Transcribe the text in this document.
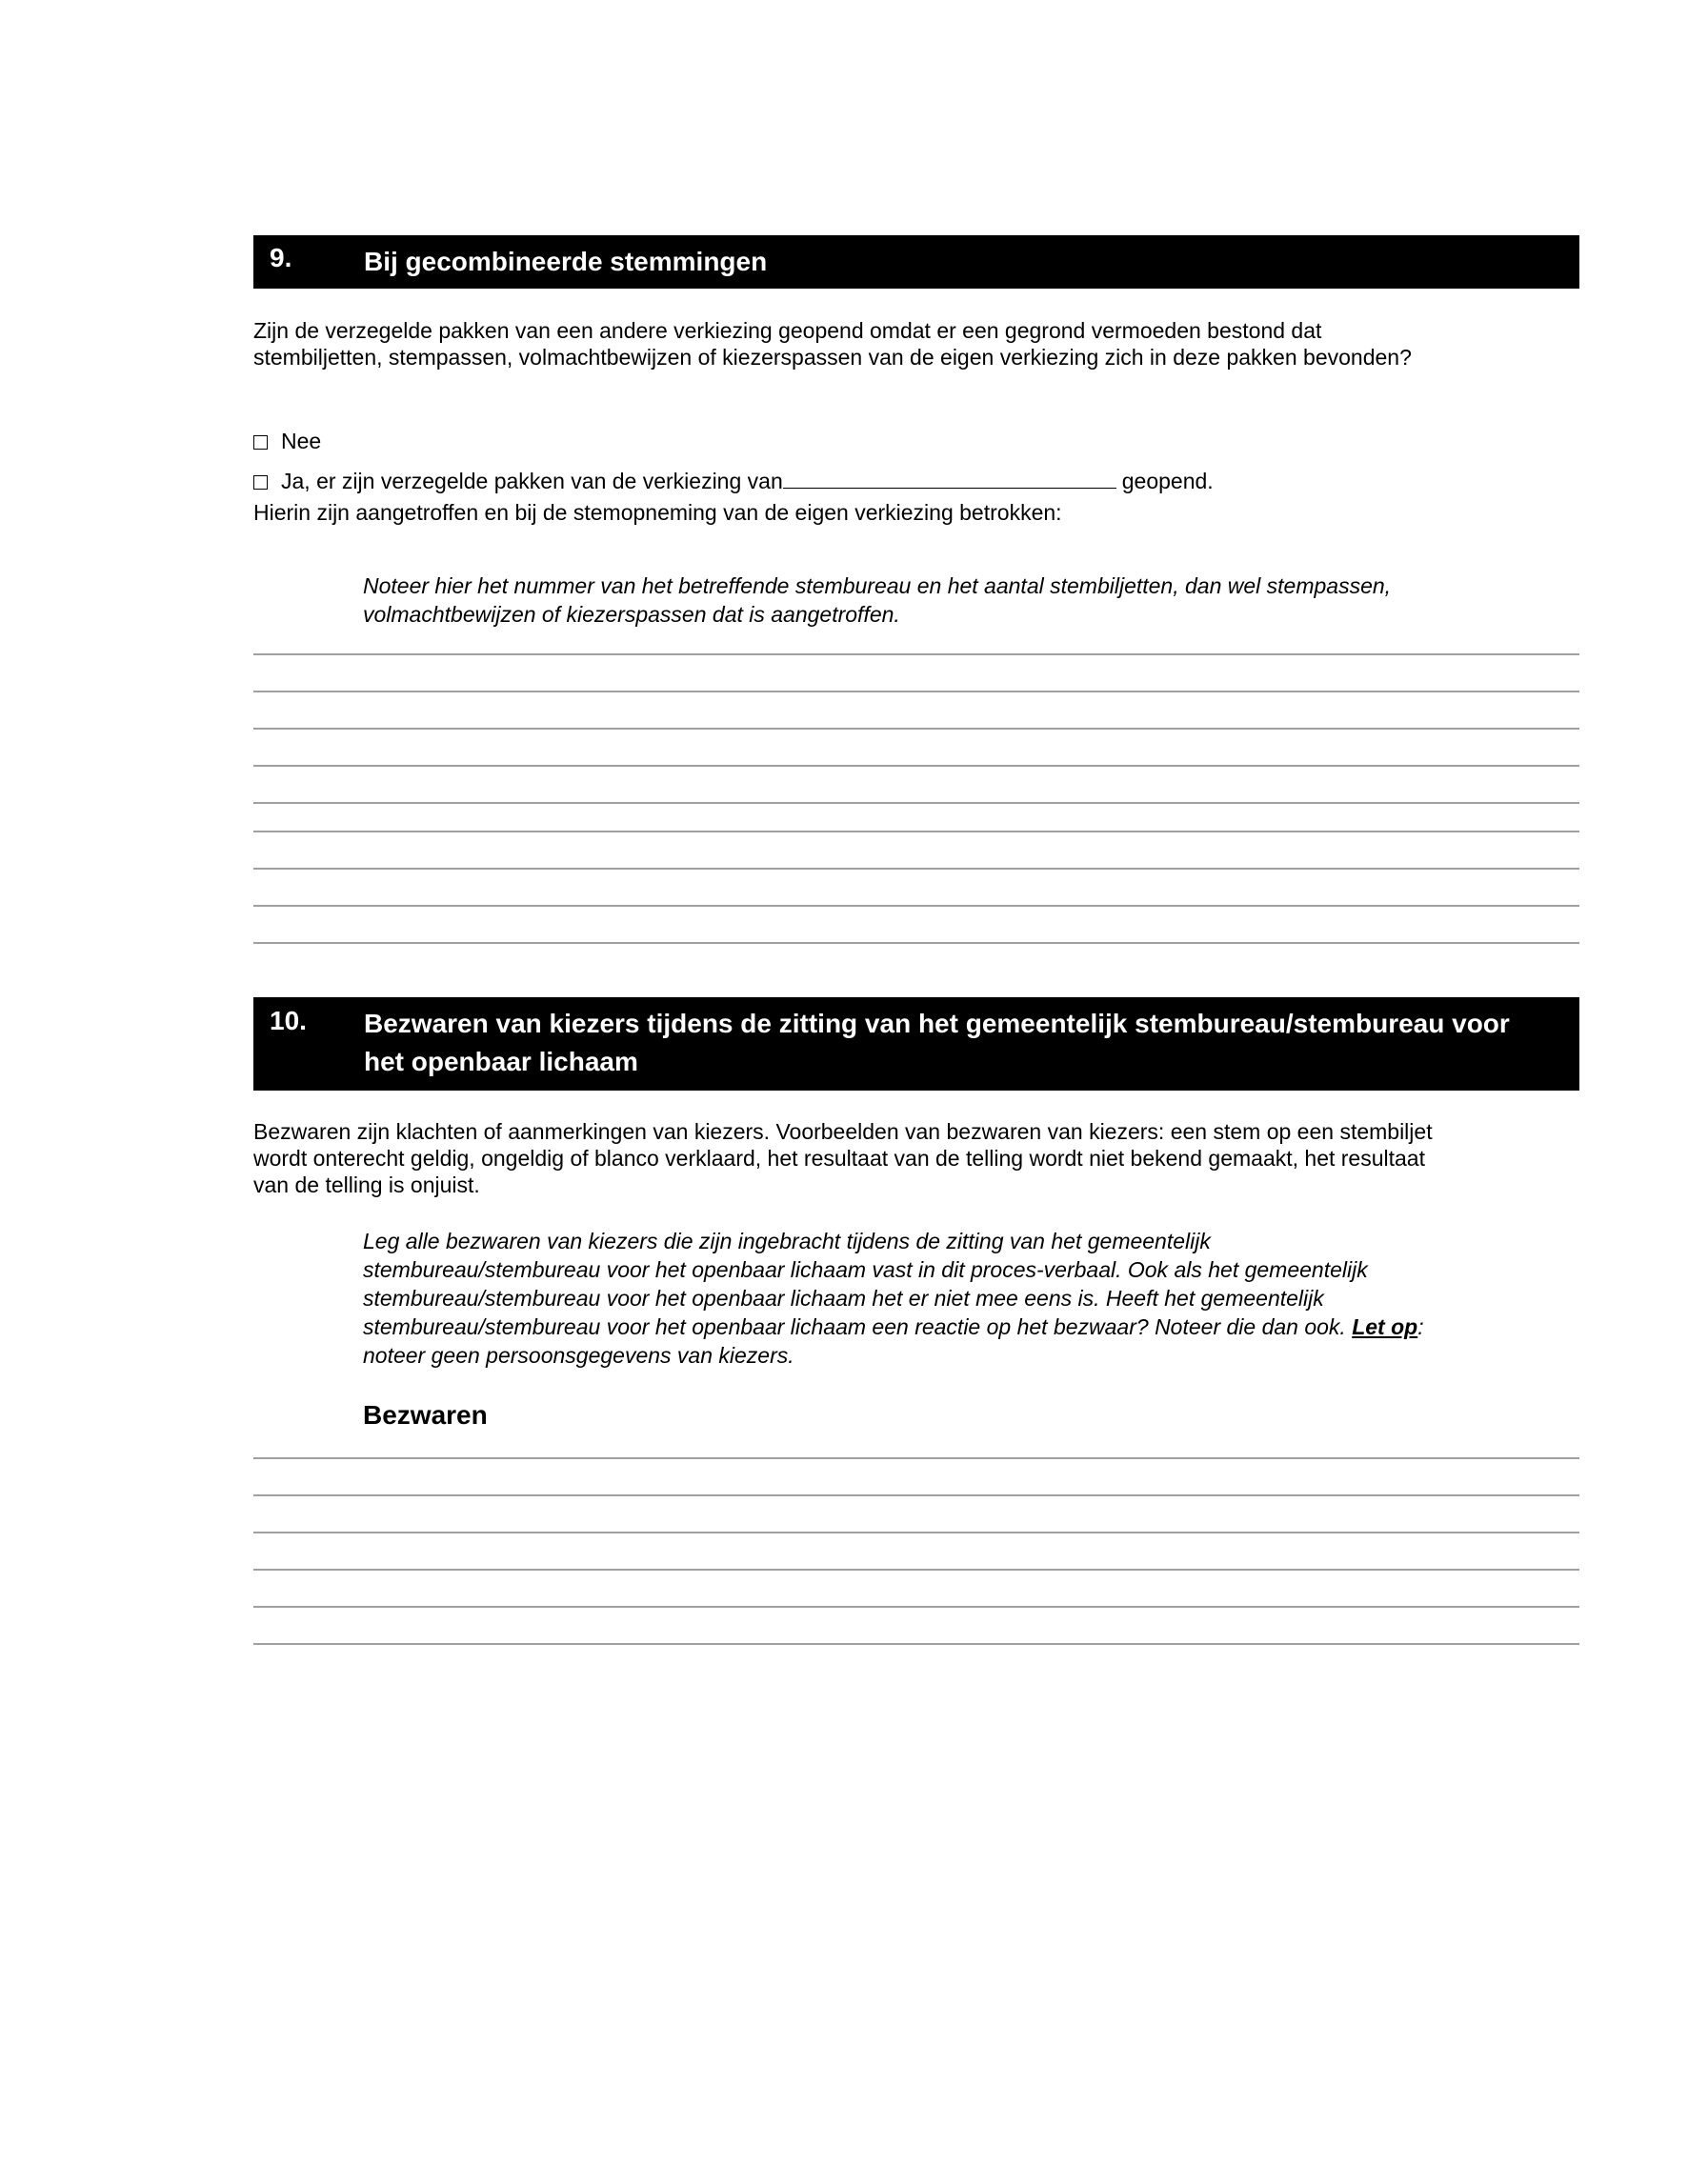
9.	Bij gecombineerde stemmingen
Zijn de verzegelde pakken van een andere verkiezing geopend omdat er een gegrond vermoeden bestond dat stembiljetten, stempassen, volmachtbewijzen of kiezerspassen van de eigen verkiezing zich in deze pakken bevonden?
Nee
Ja, er zijn verzegelde pakken van de verkiezing van	geopend.
Hierin zijn aangetroffen en bij de stemopneming van de eigen verkiezing betrokken:
Noteer hier het nummer van het betreffende stembureau en het aantal stembiljetten, dan wel stempassen, volmachtbewijzen of kiezerspassen dat is aangetroffen.
10. Bezwaren van kiezers tijdens de zitting van het gemeentelijk stembureau/stembureau voor het openbaar lichaam
Bezwaren zijn klachten of aanmerkingen van kiezers. Voorbeelden van bezwaren van kiezers: een stem op een stembiljet wordt onterecht geldig, ongeldig of blanco verklaard, het resultaat van de telling wordt niet bekend gemaakt, het resultaat van de telling is onjuist.
Leg alle bezwaren van kiezers die zijn ingebracht tijdens de zitting van het gemeentelijk stembureau/stembureau voor het openbaar lichaam vast in dit proces-verbaal. Ook als het gemeentelijk stembureau/stembureau voor het openbaar lichaam het er niet mee eens is. Heeft het gemeentelijk stembureau/stembureau voor het openbaar lichaam een reactie op het bezwaar? Noteer die dan ook. Let op: noteer geen persoonsgegevens van kiezers.
Bezwaren
